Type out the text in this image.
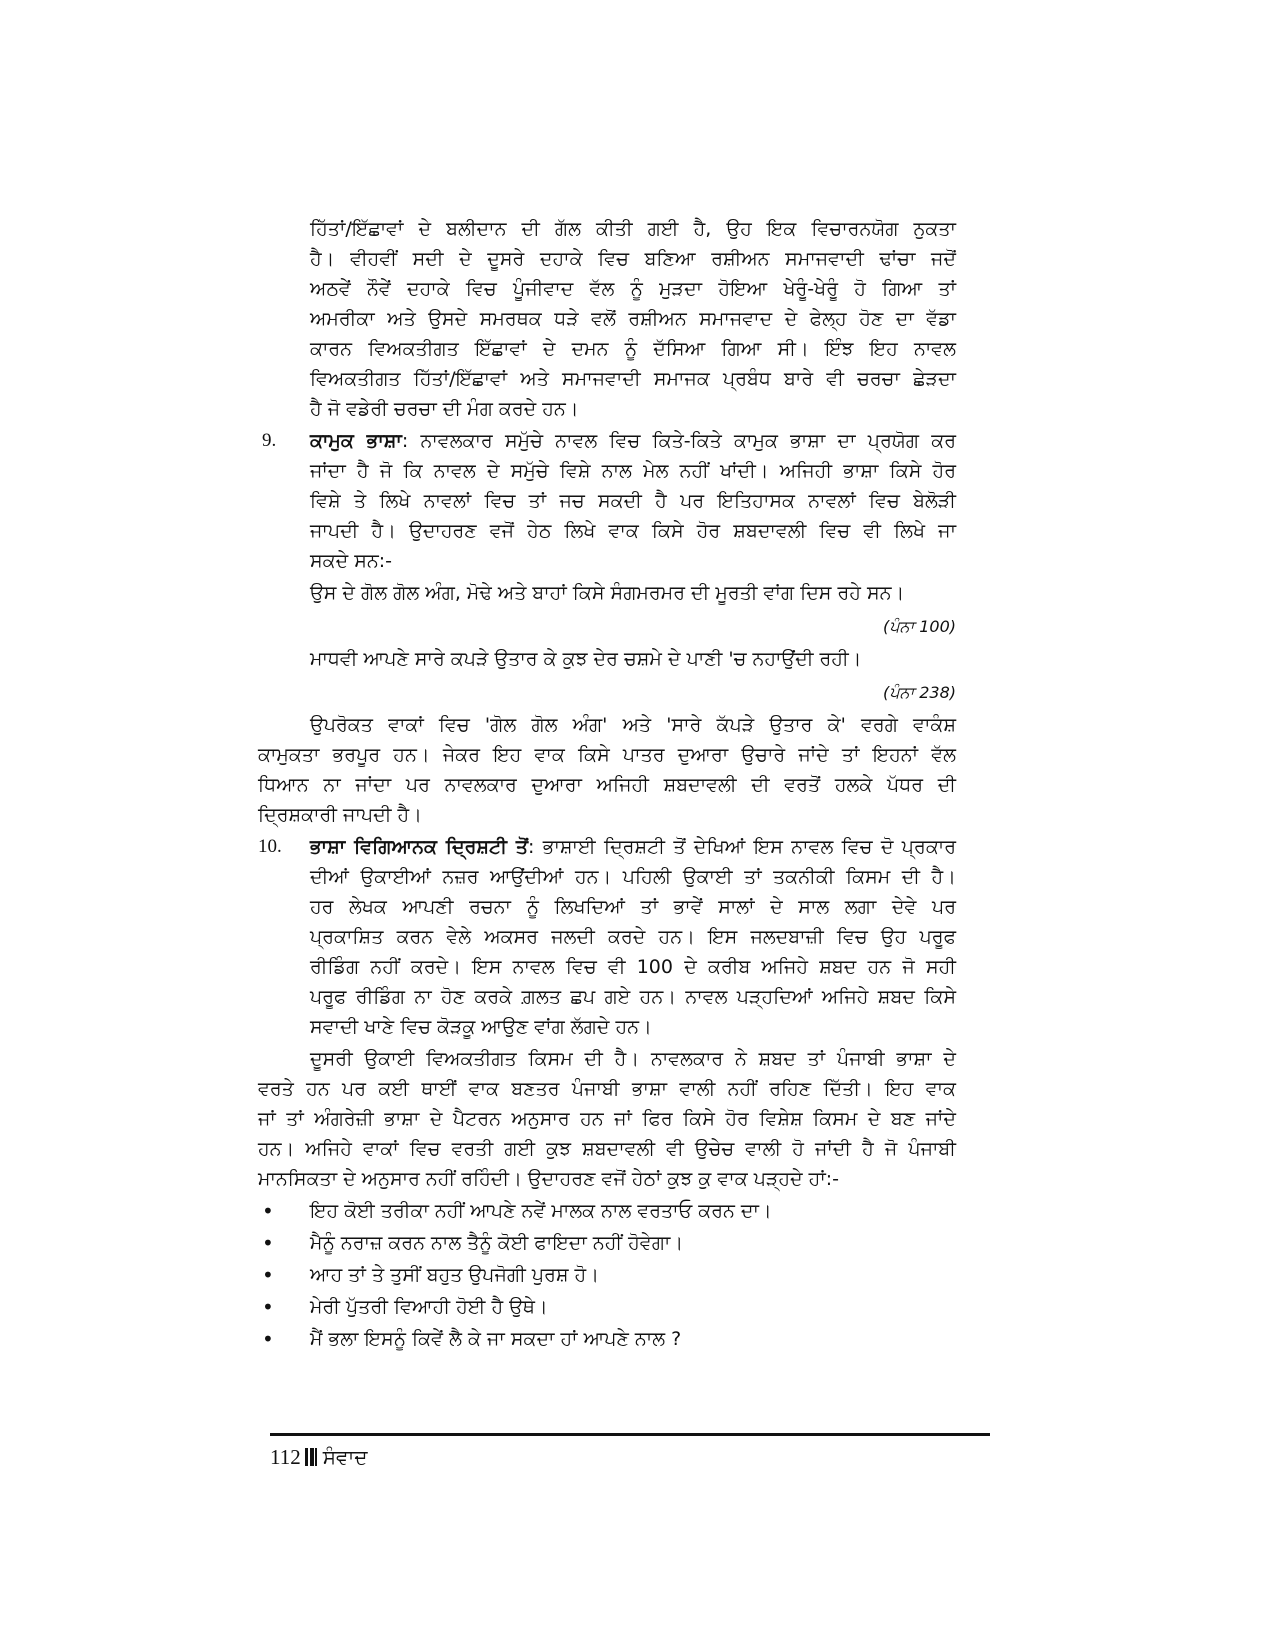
ਹਿੱਤਾਂ/ਇੱਛਾਵਾਂ ਦੇ ਬਲੀਦਾਨ ਦੀ ਗੱਲ ਕੀਤੀ ਗਈ ਹੈ, ਉਹ ਇਕ ਵਿਚਾਰਨਯੋਗ ਨੁਕਤਾ
ਹੈ। ਵੀਹਵੀਂ ਸਦੀ ਦੇ ਦੂਸਰੇ ਦਹਾਕੇ ਵਿਚ ਬਣਿਆ ਰਸ਼ੀਅਨ ਸਮਾਜਵਾਦੀ ਢਾਂਚਾ ਜਦੋਂ
ਅਠਵੇਂ ਨੌਵੇਂ ਦਹਾਕੇ ਵਿਚ ਪੂੰਜੀਵਾਦ ਵੱਲ ਨੂੰ ਮੁੜਦਾ ਹੋਇਆ ਖੇਰੂੰ-ਖੇਰੂੰ ਹੋ ਗਿਆ ਤਾਂ
ਅਮਰੀਕਾ ਅਤੇ ਉਸਦੇ ਸਮਰਥਕ ਧੜੇ ਵਲੋਂ ਰਸ਼ੀਅਨ ਸਮਾਜਵਾਦ ਦੇ ਫੇਲ੍ਹ ਹੋਣ ਦਾ ਵੱਡਾ
ਕਾਰਨ ਵਿਅਕਤੀਗਤ ਇੱਛਾਵਾਂ ਦੇ ਦਮਨ ਨੂੰ ਦੱਸਿਆ ਗਿਆ ਸੀ। ਇੰਝ ਇਹ ਨਾਵਲ
ਵਿਅਕਤੀਗਤ ਹਿੱਤਾਂ/ਇੱਛਾਵਾਂ ਅਤੇ ਸਮਾਜਵਾਦੀ ਸਮਾਜਕ ਪ੍ਰਬੰਧ ਬਾਰੇ ਵੀ ਚਰਚਾ ਛੇੜਦਾ
ਹੈ ਜੋ ਵਡੇਰੀ ਚਰਚਾ ਦੀ ਮੰਗ ਕਰਦੇ ਹਨ।
9. ਕਾਮੁਕ ਭਾਸ਼ਾ: ਨਾਵਲਕਾਰ ਸਮੁੱਚੇ ਨਾਵਲ ਵਿਚ ਕਿਤੇ-ਕਿਤੇ ਕਾਮੁਕ ਭਾਸ਼ਾ ਦਾ ਪ੍ਰਯੋਗ ਕਰ
ਜਾਂਦਾ ਹੈ ਜੋ ਕਿ ਨਾਵਲ ਦੇ ਸਮੁੱਚੇ ਵਿਸ਼ੇ ਨਾਲ ਮੇਲ ਨਹੀਂ ਖਾਂਦੀ। ਅਜਿਹੀ ਭਾਸ਼ਾ ਕਿਸੇ ਹੋਰ
ਵਿਸ਼ੇ ਤੇ ਲਿਖੇ ਨਾਵਲਾਂ ਵਿਚ ਤਾਂ ਜਚ ਸਕਦੀ ਹੈ ਪਰ ਇਤਿਹਾਸਕ ਨਾਵਲਾਂ ਵਿਚ ਬੇਲੋੜੀ
ਜਾਪਦੀ ਹੈ। ਉਦਾਹਰਣ ਵਜੋਂ ਹੇਠ ਲਿਖੇ ਵਾਕ ਕਿਸੇ ਹੋਰ ਸ਼ਬਦਾਵਲੀ ਵਿਚ ਵੀ ਲਿਖੇ ਜਾ
ਸਕਦੇ ਸਨ:-
ਉਸ ਦੇ ਗੋਲ ਗੋਲ ਅੰਗ, ਮੋਢੇ ਅਤੇ ਬਾਹਾਂ ਕਿਸੇ ਸੰਗਮਰਮਰ ਦੀ ਮੂਰਤੀ ਵਾਂਗ ਦਿਸ ਰਹੇ ਸਨ।
(ਪੰਨਾ 100)
ਮਾਧਵੀ ਆਪਣੇ ਸਾਰੇ ਕਪੜੇ ਉਤਾਰ ਕੇ ਕੁਝ ਦੇਰ ਚਸ਼ਮੇ ਦੇ ਪਾਣੀ 'ਚ ਨਹਾਉਂਦੀ ਰਹੀ।
(ਪੰਨਾ 238)
ਉਪਰੋਕਤ ਵਾਕਾਂ ਵਿਚ 'ਗੋਲ ਗੋਲ ਅੰਗ' ਅਤੇ 'ਸਾਰੇ ਕੱਪੜੇ ਉਤਾਰ ਕੇ' ਵਰਗੇ ਵਾਕੰਸ਼
ਕਾਮੁਕਤਾ ਭਰਪੂਰ ਹਨ। ਜੇਕਰ ਇਹ ਵਾਕ ਕਿਸੇ ਪਾਤਰ ਦੁਆਰਾ ਉਚਾਰੇ ਜਾਂਦੇ ਤਾਂ ਇਹਨਾਂ ਵੱਲ
ਧਿਆਨ ਨਾ ਜਾਂਦਾ ਪਰ ਨਾਵਲਕਾਰ ਦੁਆਰਾ ਅਜਿਹੀ ਸ਼ਬਦਾਵਲੀ ਦੀ ਵਰਤੋਂ ਹਲਕੇ ਪੱਧਰ ਦੀ
ਦ੍ਰਿਸ਼ਕਾਰੀ ਜਾਪਦੀ ਹੈ।
10. ਭਾਸ਼ਾ ਵਿਗਿਆਨਕ ਦ੍ਰਿਸ਼ਟੀ ਤੋਂ: ਭਾਸ਼ਾਈ ਦ੍ਰਿਸ਼ਟੀ ਤੋਂ ਦੇਖਿਆਂ ਇਸ ਨਾਵਲ ਵਿਚ ਦੋ ਪ੍ਰਕਾਰ
ਦੀਆਂ ਉਕਾਈਆਂ ਨਜ਼ਰ ਆਉਂਦੀਆਂ ਹਨ। ਪਹਿਲੀ ਉਕਾਈ ਤਾਂ ਤਕਨੀਕੀ ਕਿਸਮ ਦੀ ਹੈ।
ਹਰ ਲੇਖਕ ਆਪਣੀ ਰਚਨਾ ਨੂੰ ਲਿਖਦਿਆਂ ਤਾਂ ਭਾਵੇਂ ਸਾਲਾਂ ਦੇ ਸਾਲ ਲਗਾ ਦੇਵੇ ਪਰ
ਪ੍ਰਕਾਸ਼ਿਤ ਕਰਨ ਵੇਲੇ ਅਕਸਰ ਜਲਦੀ ਕਰਦੇ ਹਨ। ਇਸ ਜਲਦਬਾਜ਼ੀ ਵਿਚ ਉਹ ਪਰੂਫ
ਰੀਡਿੰਗ ਨਹੀਂ ਕਰਦੇ। ਇਸ ਨਾਵਲ ਵਿਚ ਵੀ 100 ਦੇ ਕਰੀਬ ਅਜਿਹੇ ਸ਼ਬਦ ਹਨ ਜੋ ਸਹੀ
ਪਰੂਫ ਰੀਡਿੰਗ ਨਾ ਹੋਣ ਕਰਕੇ ਗ਼ਲਤ ਛਪ ਗਏ ਹਨ। ਨਾਵਲ ਪੜ੍ਹਦਿਆਂ ਅਜਿਹੇ ਸ਼ਬਦ ਕਿਸੇ
ਸਵਾਦੀ ਖਾਣੇ ਵਿਚ ਕੋੜਕੂ ਆਉਣ ਵਾਂਗ ਲੱਗਦੇ ਹਨ।
ਦੂਸਰੀ ਉਕਾਈ ਵਿਅਕਤੀਗਤ ਕਿਸਮ ਦੀ ਹੈ। ਨਾਵਲਕਾਰ ਨੇ ਸ਼ਬਦ ਤਾਂ ਪੰਜਾਬੀ ਭਾਸ਼ਾ ਦੇ
ਵਰਤੇ ਹਨ ਪਰ ਕਈ ਥਾਈਂ ਵਾਕ ਬਣਤਰ ਪੰਜਾਬੀ ਭਾਸ਼ਾ ਵਾਲੀ ਨਹੀਂ ਰਹਿਣ ਦਿੱਤੀ। ਇਹ ਵਾਕ
ਜਾਂ ਤਾਂ ਅੰਗਰੇਜ਼ੀ ਭਾਸ਼ਾ ਦੇ ਪੈਟਰਨ ਅਨੁਸਾਰ ਹਨ ਜਾਂ ਫਿਰ ਕਿਸੇ ਹੋਰ ਵਿਸ਼ੇਸ਼ ਕਿਸਮ ਦੇ ਬਣ ਜਾਂਦੇ
ਹਨ। ਅਜਿਹੇ ਵਾਕਾਂ ਵਿਚ ਵਰਤੀ ਗਈ ਕੁਝ ਸ਼ਬਦਾਵਲੀ ਵੀ ਉਚੇਚ ਵਾਲੀ ਹੋ ਜਾਂਦੀ ਹੈ ਜੋ ਪੰਜਾਬੀ
ਮਾਨਸਿਕਤਾ ਦੇ ਅਨੁਸਾਰ ਨਹੀਂ ਰਹਿੰਦੀ। ਉਦਾਹਰਣ ਵਜੋਂ ਹੇਠਾਂ ਕੁਝ ਕੁ ਵਾਕ ਪੜ੍ਹਦੇ ਹਾਂ:-
• ਇਹ ਕੋਈ ਤਰੀਕਾ ਨਹੀਂ ਆਪਣੇ ਨਵੇਂ ਮਾਲਕ ਨਾਲ ਵਰਤਾਓ ਕਰਨ ਦਾ।
• ਮੈਨੂੰ ਨਰਾਜ਼ ਕਰਨ ਨਾਲ ਤੈਨੂੰ ਕੋਈ ਫਾਇਦਾ ਨਹੀਂ ਹੋਵੇਗਾ।
• ਆਹ ਤਾਂ ਤੇ ਤੁਸੀਂ ਬਹੁਤ ਉਪਜੋਗੀ ਪੁਰਸ਼ ਹੋ।
• ਮੇਰੀ ਪੁੱਤਰੀ ਵਿਆਹੀ ਹੋਈ ਹੈ ਉਥੇ।
• ਮੈਂ ਭਲਾ ਇਸਨੂੰ ਕਿਵੇਂ ਲੈ ਕੇ ਜਾ ਸਕਦਾ ਹਾਂ ਆਪਣੇ ਨਾਲ ?
112 ਸੰਵਾਦ
